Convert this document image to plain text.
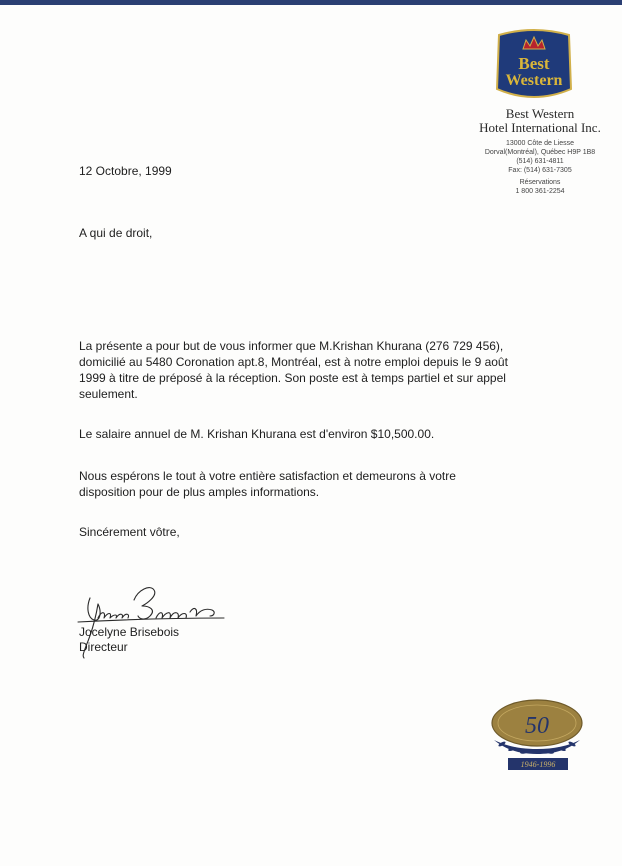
Best
Western
Best Western
Hotel International Inc.
13000 Côte de Liesse
Dorval(Montréal), Québec H9P 1B8
(514) 631-4811
Fax: (514) 631-7305
Réservations
1 800 361-2254
12 Octobre, 1999
A qui de droit,
La présente a pour but de vous informer que M.Krishan Khurana (276 729 456),
domicilié au 5480 Coronation apt.8, Montréal, est à notre emploi depuis le 9 août
1999 à titre de préposé à la réception. Son poste est à temps partiel et sur appel
seulement.
Le salaire annuel de M. Krishan Khurana est d'environ $10,500.00.
Nous espérons le tout à votre entière satisfaction et demeurons à votre
disposition pour de plus amples informations.
Sincérement vôtre,
Jocelyne Brisebois
Directeur
50
1946-1996
